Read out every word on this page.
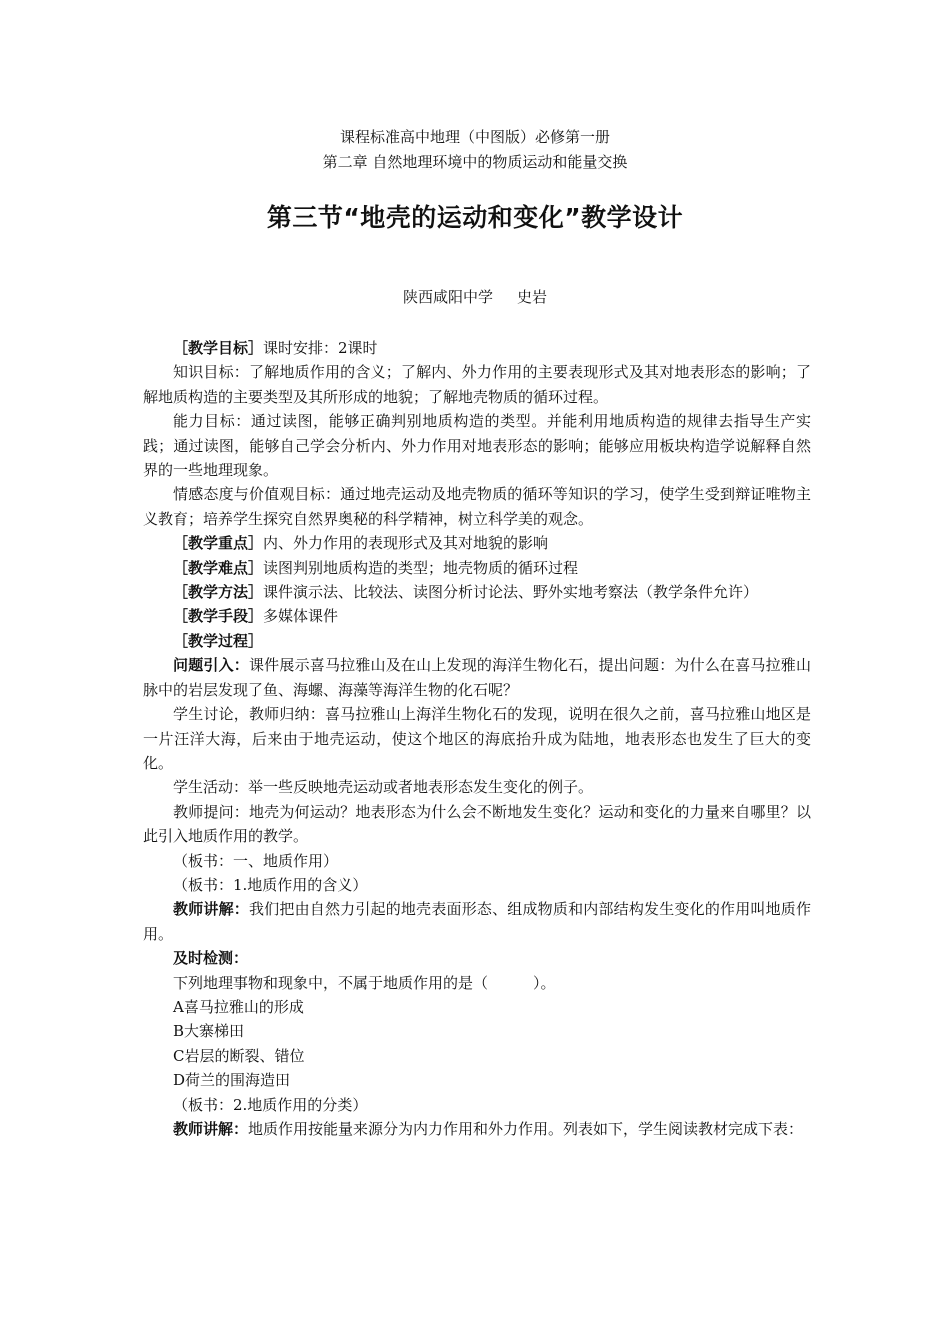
课程标准高中地理（中图版）必修第一册
第二章 自然地理环境中的物质运动和能量交换
第三节“地壳的运动和变化”教学设计
陕西咸阳中学 史岩

［教学目标］课时安排：2课时

知识目标：了解地质作用的含义；了解内、外力作用的主要表现形式及其对地表形态的影响；了解地质构造的主要类型及其所形成的地貌；了解地壳物质的循环过程。

能力目标：通过读图，能够正确判别地质构造的类型。并能利用地质构造的规律去指导生产实践；通过读图，能够自己学会分析内、外力作用对地表形态的影响；能够应用板块构造学说解释自然界的一些地理现象。

情感态度与价值观目标：通过地壳运动及地壳物质的循环等知识的学习，使学生受到辩证唯物主义教育；培养学生探究自然界奥秘的科学精神，树立科学美的观念。

［教学重点］内、外力作用的表现形式及其对地貌的影响

［教学难点］读图判别地质构造的类型；地壳物质的循环过程

［教学方法］课件演示法、比较法、读图分析讨论法、野外实地考察法（教学条件允许）

［教学手段］多媒体课件

［教学过程］

问题引入：课件展示喜马拉雅山及在山上发现的海洋生物化石，提出问题：为什么在喜马拉雅山脉中的岩层发现了鱼、海螺、海藻等海洋生物的化石呢？

学生讨论，教师归纳：喜马拉雅山上海洋生物化石的发现，说明在很久之前，喜马拉雅山地区是一片汪洋大海，后来由于地壳运动，使这个地区的海底抬升成为陆地，地表形态也发生了巨大的变化。

学生活动：举一些反映地壳运动或者地表形态发生变化的例子。

教师提问：地壳为何运动？地表形态为什么会不断地发生变化？运动和变化的力量来自哪里？以此引入地质作用的教学。

（板书：一、地质作用）

（板书：1.地质作用的含义）

教师讲解：我们把由自然力引起的地壳表面形态、组成物质和内部结构发生变化的作用叫地质作用。

及时检测：

下列地理事物和现象中，不属于地质作用的是（　　　）。

A喜马拉雅山的形成

B大寨梯田

C岩层的断裂、错位

D荷兰的围海造田

（板书：2.地质作用的分类）

教师讲解：地质作用按能量来源分为内力作用和外力作用。列表如下，学生阅读教材完成下表：
